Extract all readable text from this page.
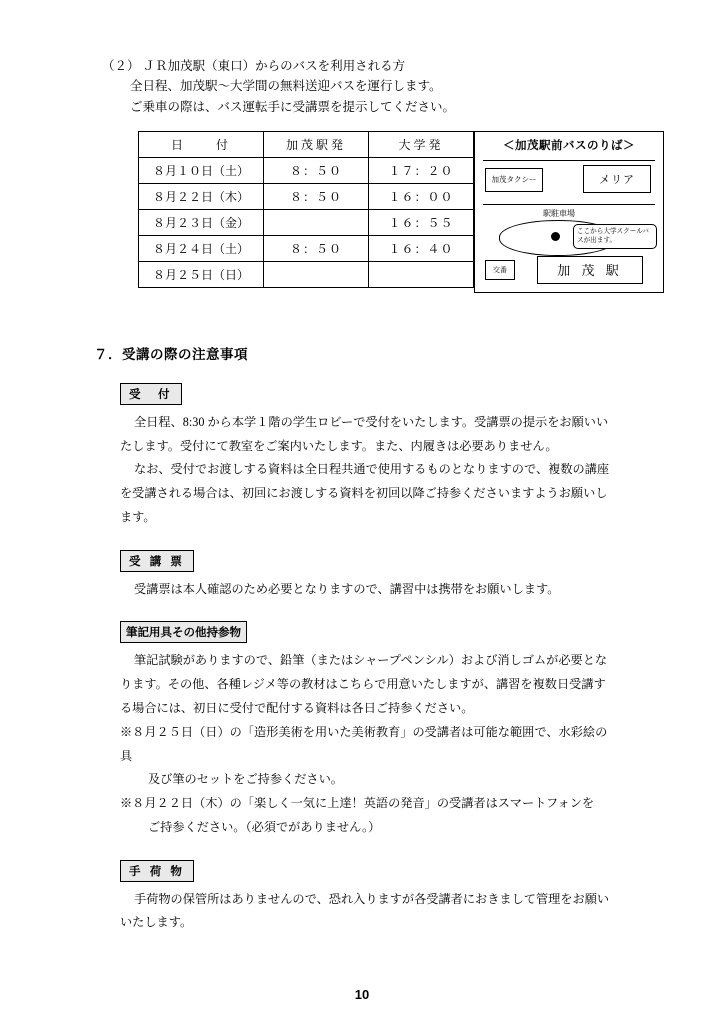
（２） ＪＲ加茂駅（東口）からのバスを利用される方
全日程、加茂駅～大学間の無料送迎バスを運行します。
ご乗車の際は、バス運転手に受講票を提示してください。
日　　付	加茂駅発	大学発
８月１０日（土）	８：５０	１７：２０
８月２２日（木）	８：５０	１６：００
８月２３日（金）		１６：５５
８月２４日（土）	８：５０	１６：４０
８月２５日（日）		
＜加茂駅前バスのりば＞
加茂タクシー	メリア
駅駐車場
ここから大学スクールバスが出ます。
交番	加 茂 駅
７．受講の際の注意事項
受　付

全日程、8:30 から本学１階の学生ロビーで受付をいたします。受講票の提示をお願いいたします。受付にて教室をご案内いたします。また、内履きは必要ありません。

なお、受付でお渡しする資料は全日程共通で使用するものとなりますので、複数の講座を受講される場合は、初回にお渡しする資料を初回以降ご持参くださいますようお願いします。

受 講 票

受講票は本人確認のため必要となりますので、講習中は携帯をお願いします。

筆記用具その他持参物

筆記試験がありますので、鉛筆（またはシャープペンシル）および消しゴムが必要となります。その他、各種レジメ等の教材はこちらで用意いたしますが、講習を複数日受講する場合には、初日に受付で配付する資料は各日ご持参ください。

※８月２５日（日）の「造形美術を用いた美術教育」の受講者は可能な範囲で、水彩絵の具

及び筆のセットをご持参ください。

※８月２２日（木）の「楽しく一気に上達！英語の発音」の受講者はスマートフォンを

ご持参ください。（必須でがありません。）

手 荷 物

手荷物の保管所はありませんので、恐れ入りますが各受講者におきまして管理をお願いいたします。

10
